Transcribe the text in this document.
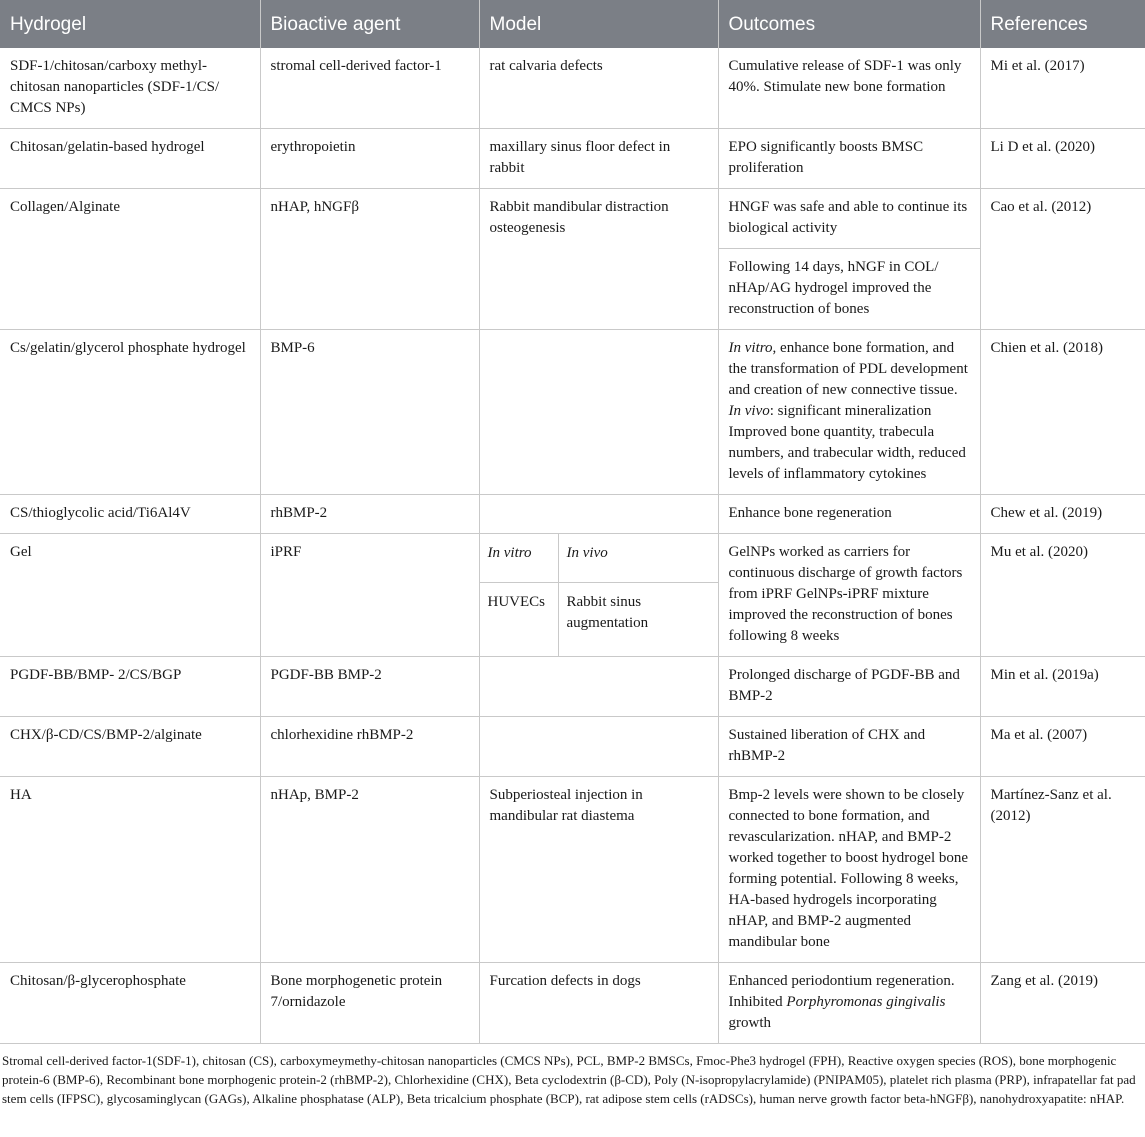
Hydrogel	Bioactive agent	Model		Outcomes	References
SDF-1/chitosan/carboxy methyl-chitosan nanoparticles (SDF-1/CS/ CMCS NPs)	stromal cell-derived factor-1	rat calvaria defects		Cumulative release of SDF-1 was only 40%. Stimulate new bone formation	Mi et al. (2017)
Chitosan/gelatin-based hydrogel	erythropoietin	maxillary sinus floor defect in rabbit		EPO significantly boosts BMSC proliferation	Li D et al. (2020)
Collagen/Alginate	nHAP, hNGFβ	Rabbit mandibular distraction osteogenesis		HNGF was safe and able to continue its biological activity	Cao et al. (2012)
				Following 14 days, hNGF in COL/ nHAp/AG hydrogel improved the reconstruction of bones	
Cs/gelatin/glycerol phosphate hydrogel	BMP-6			In vitro, enhance bone formation, and the transformation of PDL development and creation of new connective tissue. In vivo: significant mineralization Improved bone quantity, trabecula numbers, and trabecular width, reduced levels of inflammatory cytokines	Chien et al. (2018)
CS/thioglycolic acid/Ti6Al4V	rhBMP-2			Enhance bone regeneration	Chew et al. (2019)
Gel	iPRF	In vitro	In vivo	GelNPs worked as carriers for continuous discharge of growth factors from iPRF GelNPs-iPRF mixture improved the reconstruction of bones following 8 weeks	Mu et al. (2020)
		HUVECs	Rabbit sinus augmentation		
PGDF-BB/BMP- 2/CS/BGP	PGDF-BB BMP-2			Prolonged discharge of PGDF-BB and BMP-2	Min et al. (2019a)
CHX/β-CD/CS/BMP-2/alginate	chlorhexidine rhBMP-2			Sustained liberation of CHX and rhBMP-2	Ma et al. (2007)
HA	nHAp, BMP-2	Subperiosteal injection in mandibular rat diastema		Bmp-2 levels were shown to be closely connected to bone formation, and revascularization. nHAP, and BMP-2 worked together to boost hydrogel bone forming potential. Following 8 weeks, HA-based hydrogels incorporating nHAP, and BMP-2 augmented mandibular bone	Martínez-Sanz et al. (2012)
Chitosan/β-glycerophosphate	Bone morphogenetic protein 7/ornidazole	Furcation defects in dogs		Enhanced periodontium regeneration. Inhibited Porphyromonas gingivalis growth	Zang et al. (2019)
Stromal cell-derived factor-1(SDF-1), chitosan (CS), carboxymeymethy-chitosan nanoparticles (CMCS NPs), PCL, BMP-2 BMSCs, Fmoc-Phe3 hydrogel (FPH), Reactive oxygen species (ROS), bone morphogenic protein-6 (BMP-6), Recombinant bone morphogenic protein-2 (rhBMP-2), Chlorhexidine (CHX), Beta cyclodextrin (β-CD), Poly (N-isopropylacrylamide) (PNIPAM05), platelet rich plasma (PRP), infrapatellar fat pad stem cells (IFPSC), glycosaminglycan (GAGs), Alkaline phosphatase (ALP), Beta tricalcium phosphate (BCP), rat adipose stem cells (rADSCs), human nerve growth factor beta-hNGFβ), nanohydroxyapatite: nHAP.
